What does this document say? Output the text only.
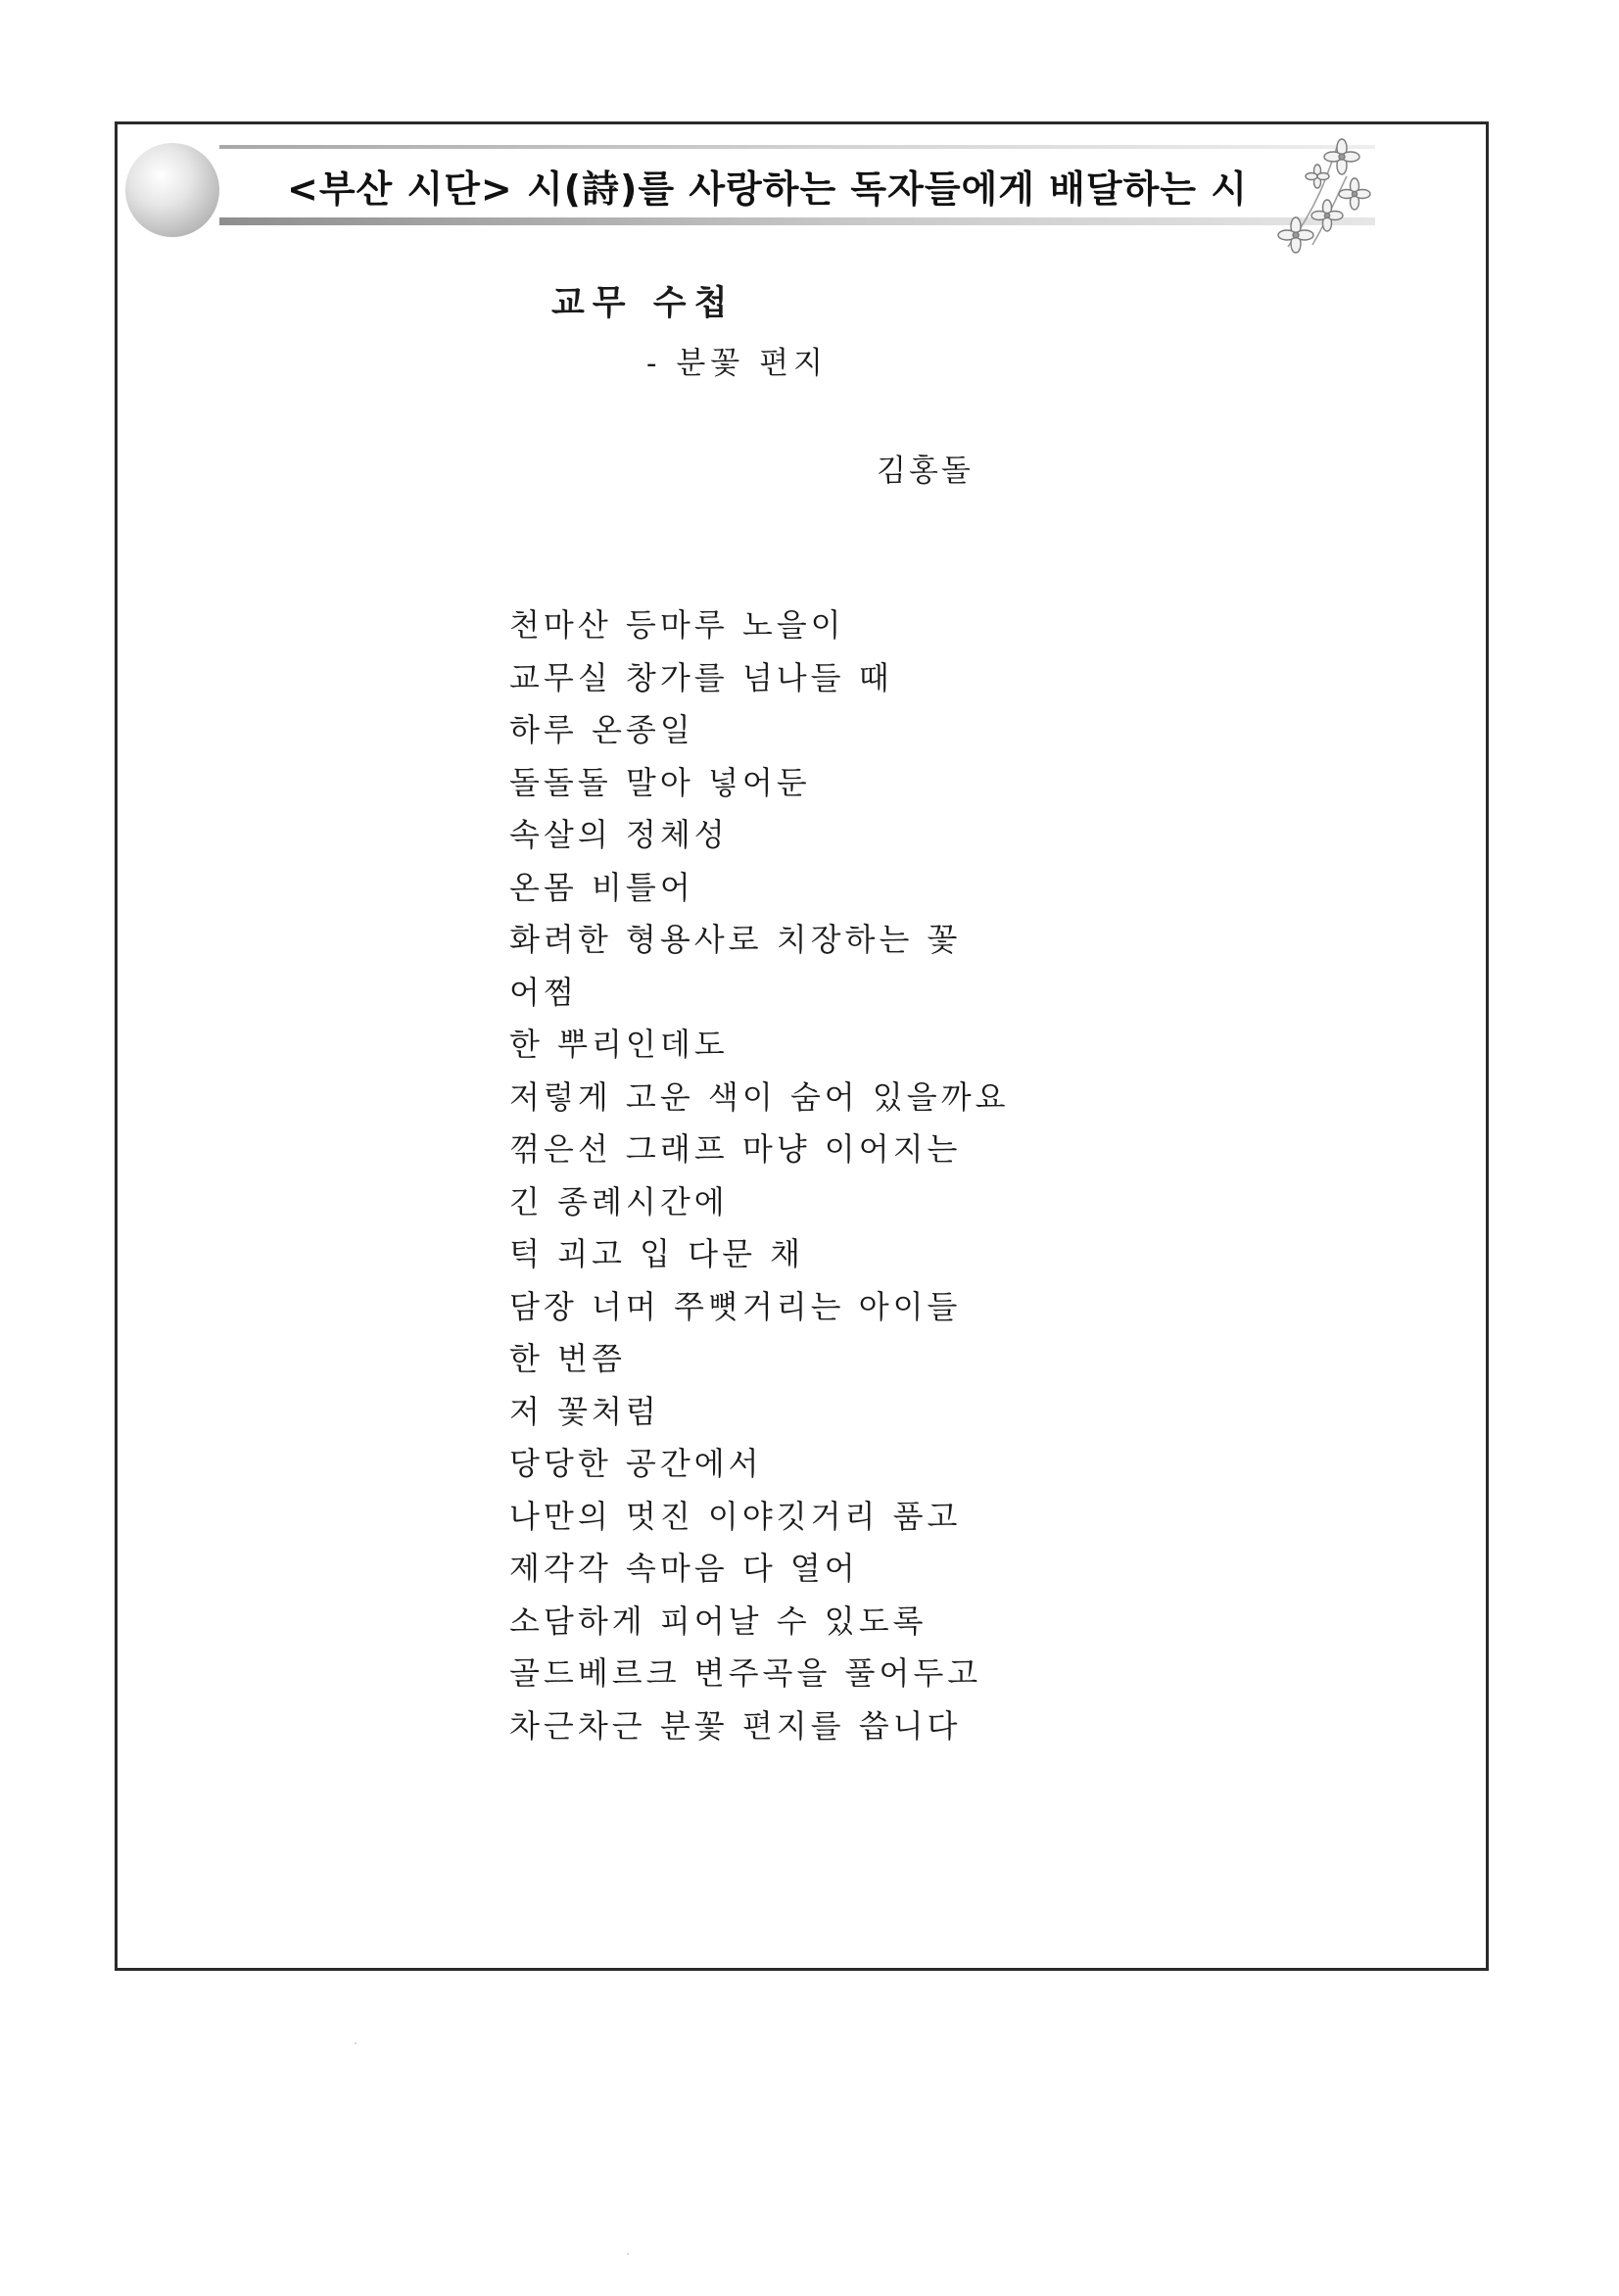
<부산 시단> 시(詩)를 사랑하는 독자들에게 배달하는 시
교무 수첩
- 분꽃 편지
김홍돌
천마산 등마루 노을이
교무실 창가를 넘나들 때
하루 온종일
돌돌돌 말아 넣어둔
속살의 정체성
온몸 비틀어
화려한 형용사로 치장하는 꽃
어쩜
한 뿌리인데도
저렇게 고운 색이 숨어 있을까요
꺾은선 그래프 마냥 이어지는
긴 종례시간에
턱 괴고 입 다문 채
담장 너머 쭈뼛거리는 아이들
한 번쯤
저 꽃처럼
당당한 공간에서
나만의 멋진 이야깃거리 품고
제각각 속마음 다 열어
소담하게 피어날 수 있도록
골드베르크 변주곡을 풀어두고
차근차근 분꽃 편지를 씁니다
